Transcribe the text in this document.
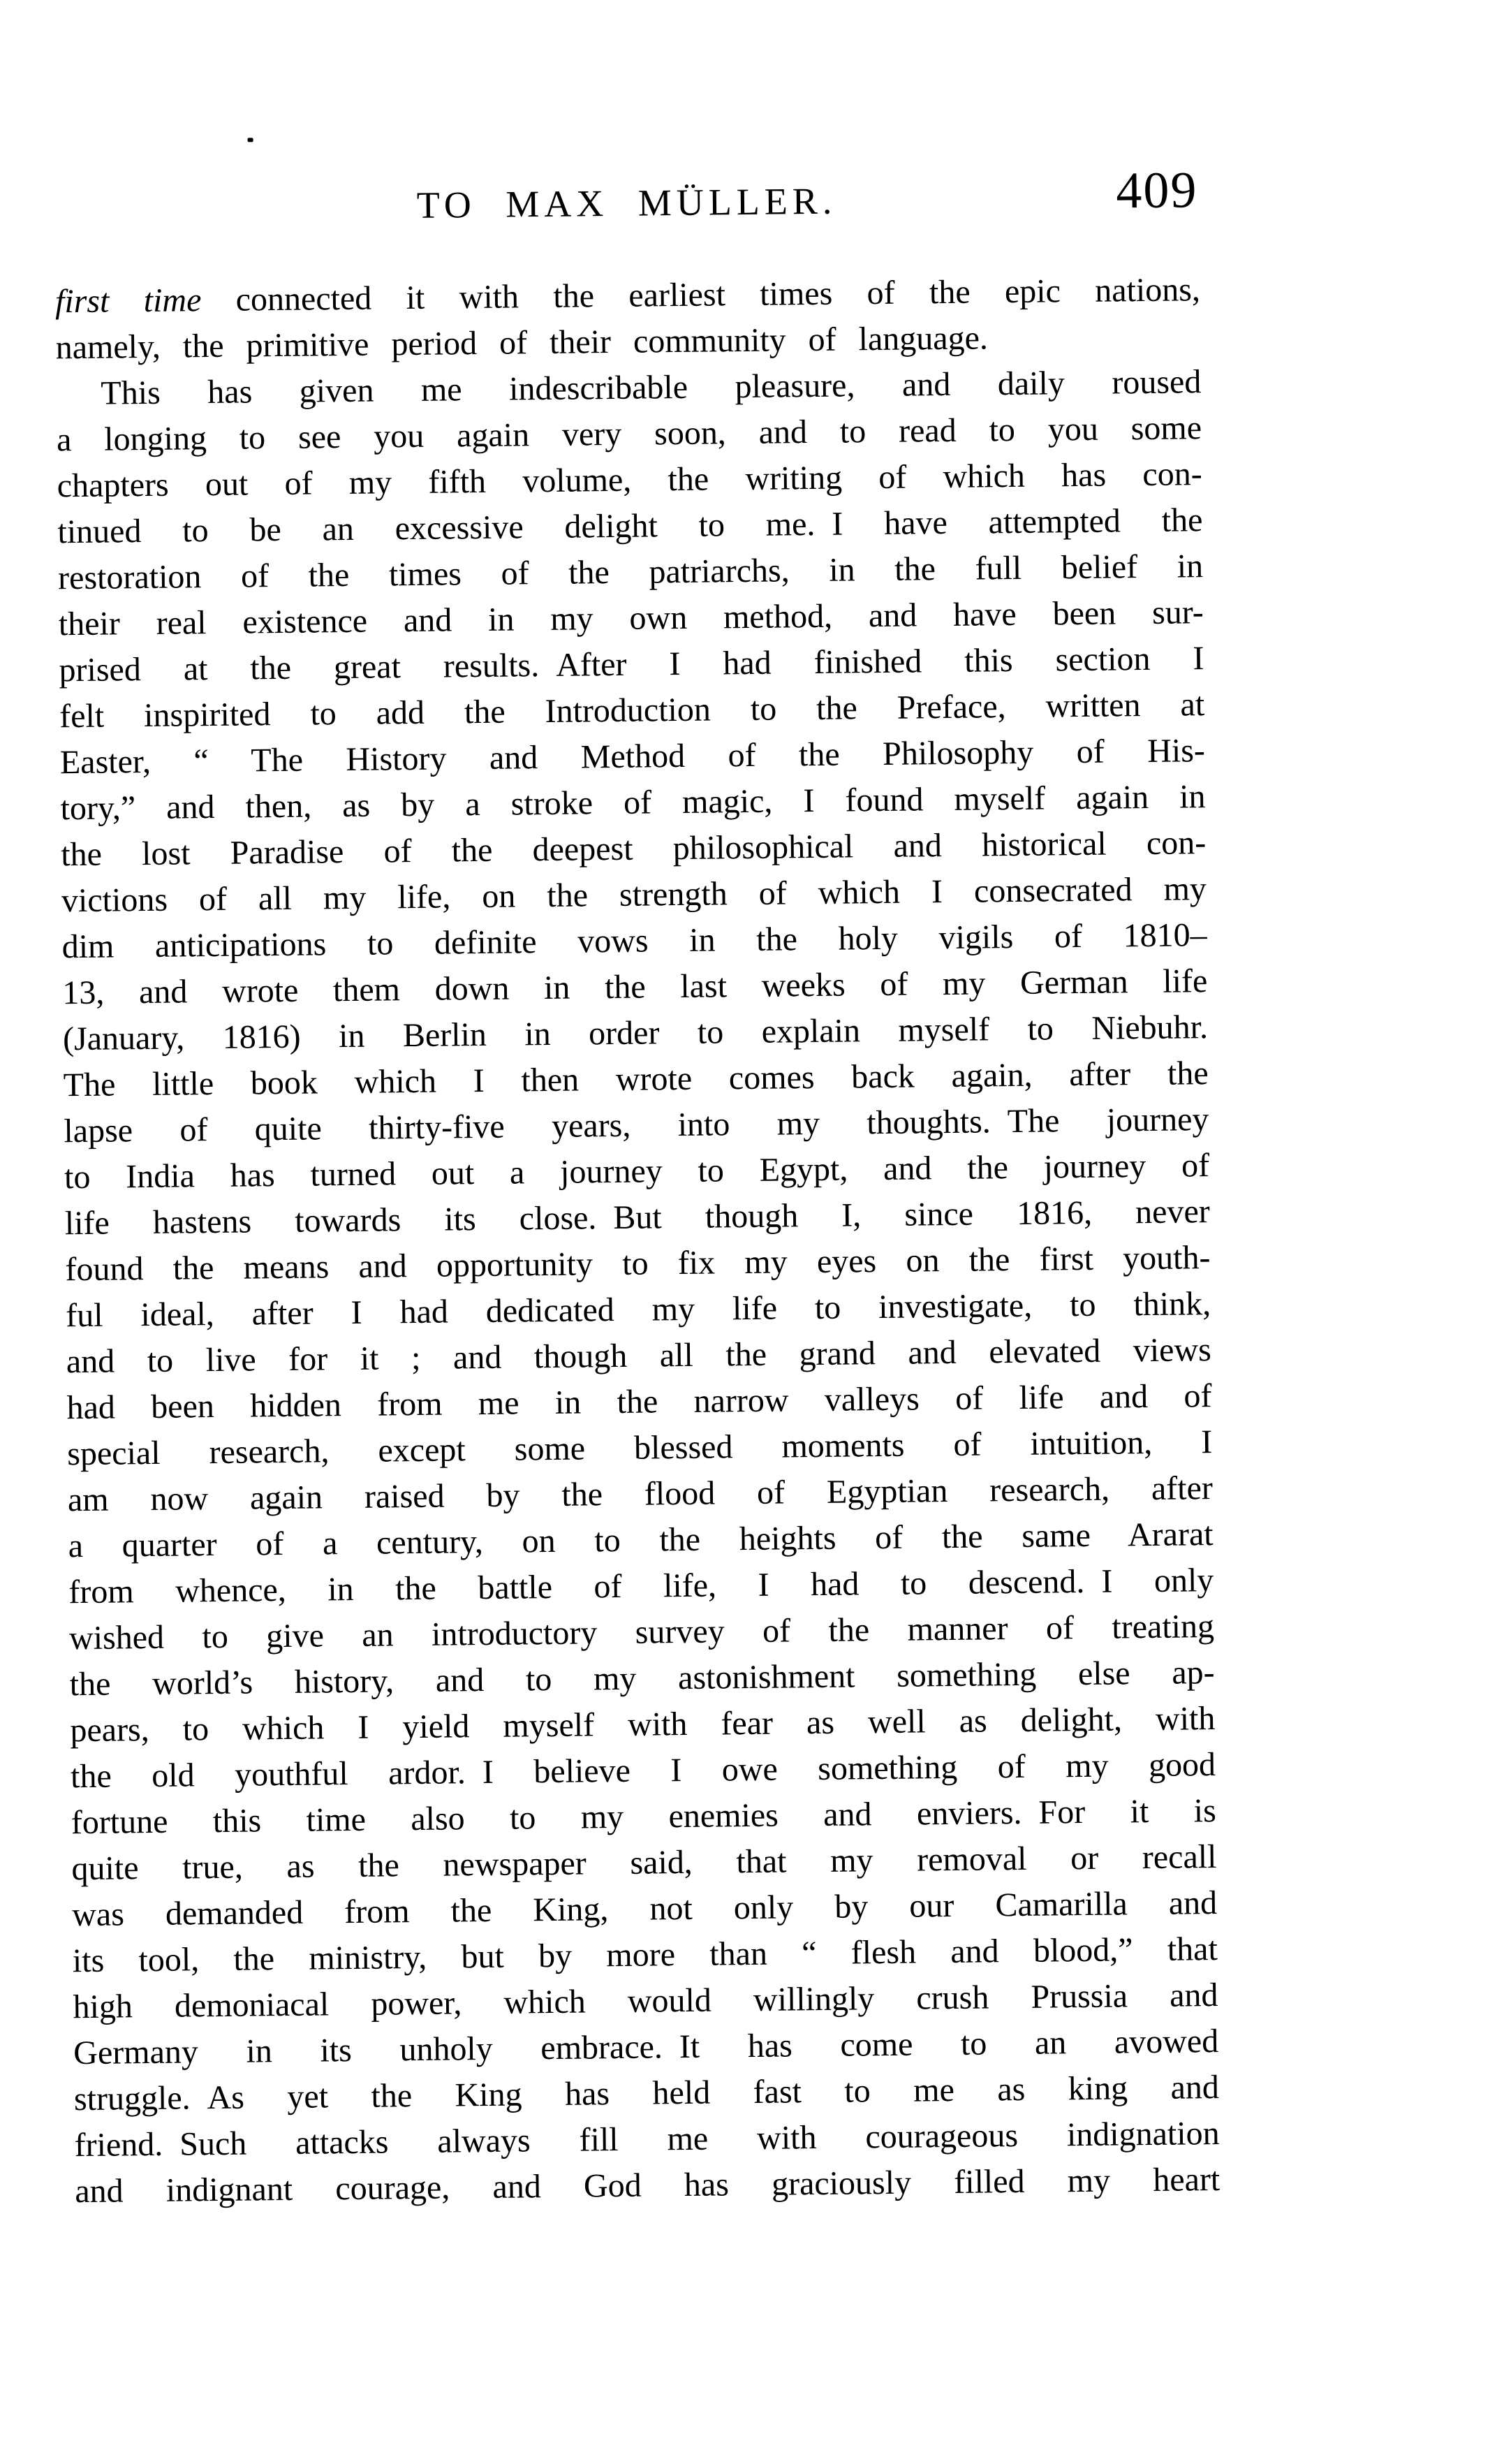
TO MAX MÜLLER.	409
first time connected it with the earliest times of the epic nations,
namely, the primitive period of their community of language.
This has given me indescribable pleasure, and daily roused
a longing to see you again very soon, and to read to you some
chapters out of my fifth volume, the writing of which has con-
tinued to be an excessive delight to me. I have attempted the
restoration of the times of the patriarchs, in the full belief in
their real existence and in my own method, and have been sur-
prised at the great results. After I had finished this section I
felt inspirited to add the Introduction to the Preface, written at
Easter, “ The History and Method of the Philosophy of His-
tory,” and then, as by a stroke of magic, I found myself again in
the lost Paradise of the deepest philosophical and historical con-
victions of all my life, on the strength of which I consecrated my
dim anticipations to definite vows in the holy vigils of 1810–
13, and wrote them down in the last weeks of my German life
(January, 1816) in Berlin in order to explain myself to Niebuhr.
The little book which I then wrote comes back again, after the
lapse of quite thirty-five years, into my thoughts. The journey
to India has turned out a journey to Egypt, and the journey of
life hastens towards its close. But though I, since 1816, never
found the means and opportunity to fix my eyes on the first youth-
ful ideal, after I had dedicated my life to investigate, to think,
and to live for it ; and though all the grand and elevated views
had been hidden from me in the narrow valleys of life and of
special research, except some blessed moments of intuition, I
am now again raised by the flood of Egyptian research, after
a quarter of a century, on to the heights of the same Ararat
from whence, in the battle of life, I had to descend. I only
wished to give an introductory survey of the manner of treating
the world’s history, and to my astonishment something else ap-
pears, to which I yield myself with fear as well as delight, with
the old youthful ardor. I believe I owe something of my good
fortune this time also to my enemies and enviers. For it is
quite true, as the newspaper said, that my removal or recall
was demanded from the King, not only by our Camarilla and
its tool, the ministry, but by more than “ flesh and blood,” that
high demoniacal power, which would willingly crush Prussia and
Germany in its unholy embrace. It has come to an avowed
struggle. As yet the King has held fast to me as king and
friend. Such attacks always fill me with courageous indignation
and indignant courage, and God has graciously filled my heart
